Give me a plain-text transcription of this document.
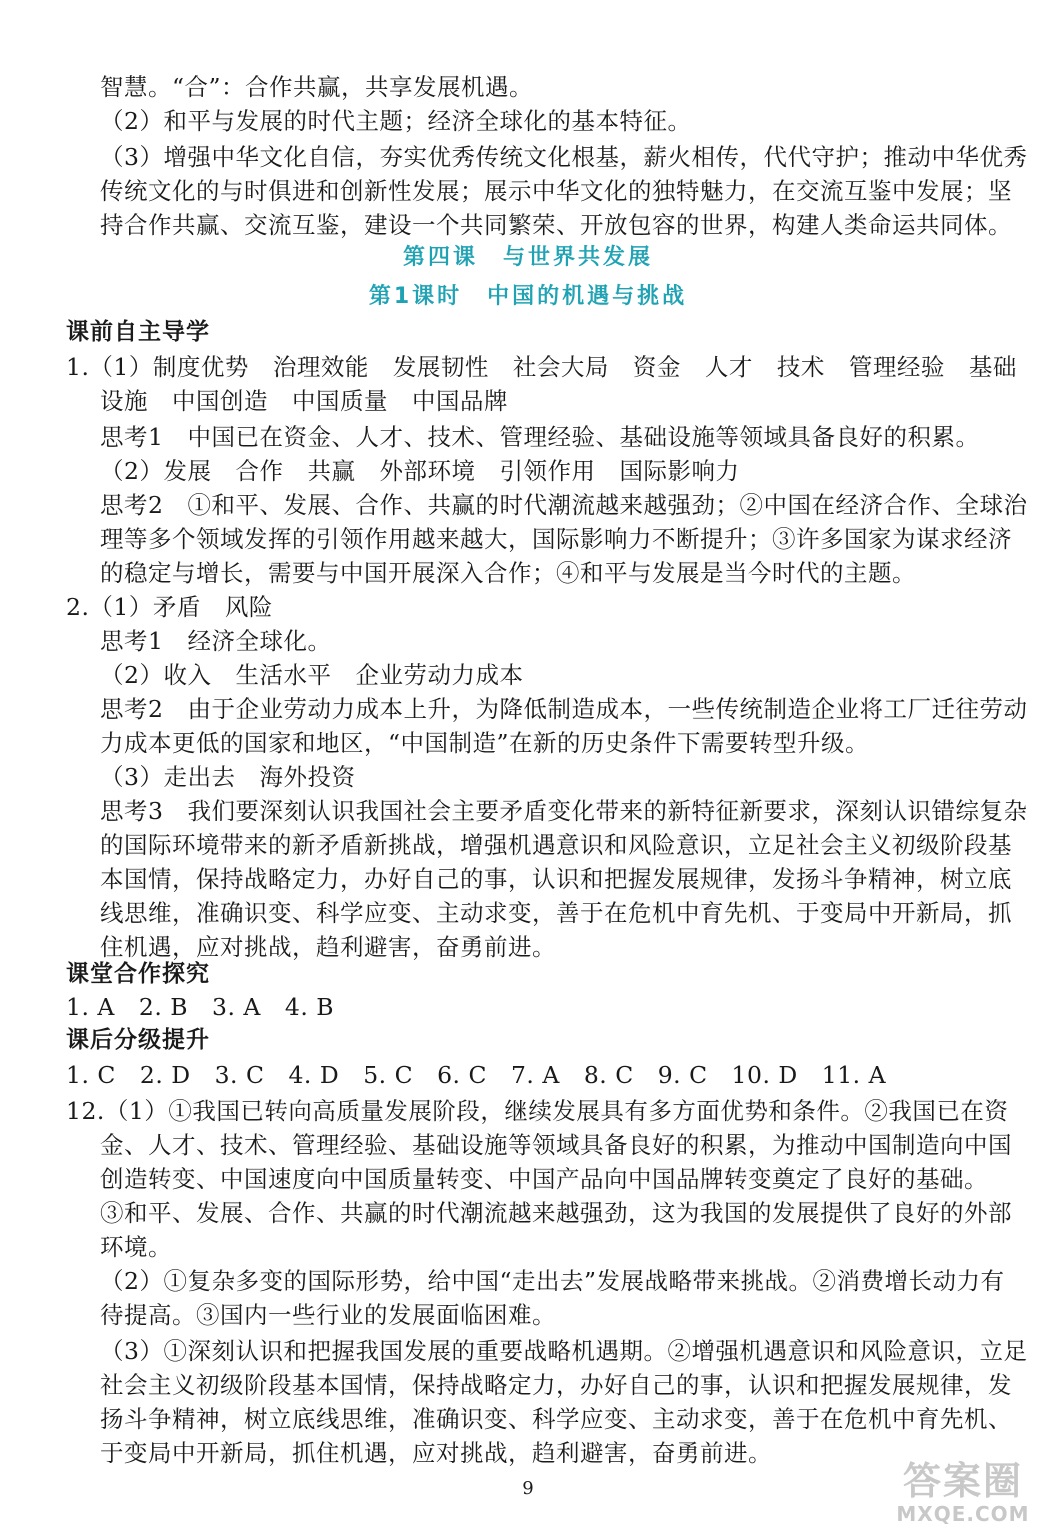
智慧。“合”：合作共赢，共享发展机遇。
（2）和平与发展的时代主题；经济全球化的基本特征。
（3）增强中华文化自信，夯实优秀传统文化根基，薪火相传，代代守护；推动中华优秀
传统文化的与时俱进和创新性发展；展示中华文化的独特魅力，在交流互鉴中发展；坚
持合作共赢、交流互鉴，建设一个共同繁荣、开放包容的世界，构建人类命运共同体。
第四课　与世界共发展
第1课时　中国的机遇与挑战
课前自主导学
1.（1）制度优势　治理效能　发展韧性　社会大局　资金　人才　技术　管理经验　基础
设施　中国创造　中国质量　中国品牌
思考1　中国已在资金、人才、技术、管理经验、基础设施等领域具备良好的积累。
（2）发展　合作　共赢　外部环境　引领作用　国际影响力
思考2　①和平、发展、合作、共赢的时代潮流越来越强劲；②中国在经济合作、全球治
理等多个领域发挥的引领作用越来越大，国际影响力不断提升；③许多国家为谋求经济
的稳定与增长，需要与中国开展深入合作；④和平与发展是当今时代的主题。
2.（1）矛盾　风险
思考1　经济全球化。
（2）收入　生活水平　企业劳动力成本
思考2　由于企业劳动力成本上升，为降低制造成本，一些传统制造企业将工厂迁往劳动
力成本更低的国家和地区，“中国制造”在新的历史条件下需要转型升级。
（3）走出去　海外投资
思考3　我们要深刻认识我国社会主要矛盾变化带来的新特征新要求，深刻认识错综复杂
的国际环境带来的新矛盾新挑战，增强机遇意识和风险意识，立足社会主义初级阶段基
本国情，保持战略定力，办好自己的事，认识和把握发展规律，发扬斗争精神，树立底
线思维，准确识变、科学应变、主动求变，善于在危机中育先机、于变局中开新局，抓
住机遇，应对挑战，趋利避害，奋勇前进。
课堂合作探究
1. A　2. B　3. A　4. B
课后分级提升
1. C　2. D　3. C　4. D　5. C　6. C　7. A　8. C　9. C　10. D　11. A
12.（1）①我国已转向高质量发展阶段，继续发展具有多方面优势和条件。②我国已在资
金、人才、技术、管理经验、基础设施等领域具备良好的积累，为推动中国制造向中国
创造转变、中国速度向中国质量转变、中国产品向中国品牌转变奠定了良好的基础。
③和平、发展、合作、共赢的时代潮流越来越强劲，这为我国的发展提供了良好的外部
环境。
（2）①复杂多变的国际形势，给中国“走出去”发展战略带来挑战。②消费增长动力有
待提高。③国内一些行业的发展面临困难。
（3）①深刻认识和把握我国发展的重要战略机遇期。②增强机遇意识和风险意识，立足
社会主义初级阶段基本国情，保持战略定力，办好自己的事，认识和把握发展规律，发
扬斗争精神，树立底线思维，准确识变、科学应变、主动求变，善于在危机中育先机、
于变局中开新局，抓住机遇，应对挑战，趋利避害，奋勇前进。
9	答案圈
MXQE.COM
